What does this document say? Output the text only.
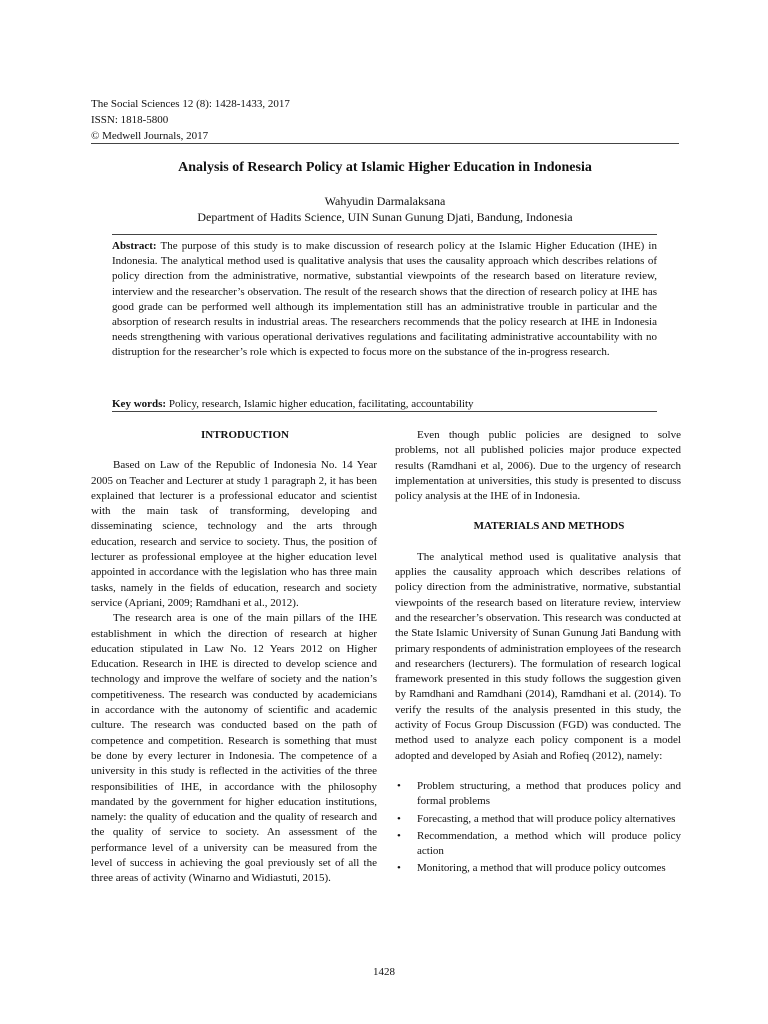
The Social Sciences 12 (8): 1428-1433, 2017
ISSN: 1818-5800
© Medwell Journals, 2017
Analysis of Research Policy at Islamic Higher Education in Indonesia
Wahyudin Darmalaksana
Department of Hadits Science, UIN Sunan Gunung Djati, Bandung, Indonesia
Abstract: The purpose of this study is to make discussion of research policy at the Islamic Higher Education (IHE) in Indonesia. The analytical method used is qualitative analysis that uses the causality approach which describes relations of policy direction from the administrative, normative, substantial viewpoints of the research based on literature review, interview and the researcher’s observation. The result of the research shows that the direction of research policy at IHE has good grade can be performed well although its implementation still has an administrative trouble in particular and the absorption of research results in industrial areas. The researchers recommends that the policy research at IHE in Indonesia needs strengthening with various operational derivatives regulations and facilitating administrative accountability with no distruption for the researcher’s role which is expected to focus more on the substance of the in-progress research.
Key words: Policy, research, Islamic higher education, facilitating, accountability

INTRODUCTION

Based on Law of the Republic of Indonesia No. 14 Year 2005 on Teacher and Lecturer at study 1 paragraph 2, it has been explained that lecturer is a professional educator and scientist with the main task of transforming, developing and disseminating science, technology and the arts through education, research and service to society. Thus, the position of lecturer as professional employee at the higher education level appointed in accordance with the legislation who has three main tasks, namely in the fields of education, research and society service (Apriani, 2009; Ramdhani et al., 2012).

The research area is one of the main pillars of the IHE establishment in which the direction of research at higher education stipulated in Law No. 12 Years 2012 on Higher Education. Research in IHE is directed to develop science and technology and improve the welfare of society and the nation’s competitiveness. The research was conducted by academicians in accordance with the autonomy of scientific and academic culture. The research was conducted based on the path of competence and competition. Research is something that must be done by every lecturer in Indonesia. The competence of a university in this study is reflected in the activities of the three responsibilities of IHE, in accordance with the philosophy mandated by the government for higher education institutions, namely: the quality of education and the quality of research and the quality of service to society. An assessment of the performance level of a university can be measured from the level of success in achieving the goal previously set of all the three areas of activity (Winarno and Widiastuti, 2015).

Even though public policies are designed to solve problems, not all published policies major produce expected results (Ramdhani et al, 2006). Due to the urgency of research implementation at universities, this study is presented to discuss policy analysis at the IHE of in Indonesia.

MATERIALS AND METHODS

The analytical method used is qualitative analysis that applies the causality approach which describes relations of policy direction from the administrative, normative, substantial viewpoints of the research based on literature review, interview and the researcher’s observation. This research was conducted at the State Islamic University of Sunan Gunung Jati Bandung with primary respondents of administration employees of the research and researchers (lecturers). The formulation of research logical framework presented in this study follows the suggestion given by Ramdhani and Ramdhani (2014), Ramdhani et al. (2014). To verify the results of the analysis presented in this study, the activity of Focus Group Discussion (FGD) was conducted. The method used to analyze each policy component is a model adopted and developed by Asiah and Rofieq (2012), namely:

• Problem structuring, a method that produces policy and formal problems
• Forecasting, a method that will produce policy alternatives
• Recommendation, a method which will produce policy action
• Monitoring, a method that will produce policy outcomes
1428
